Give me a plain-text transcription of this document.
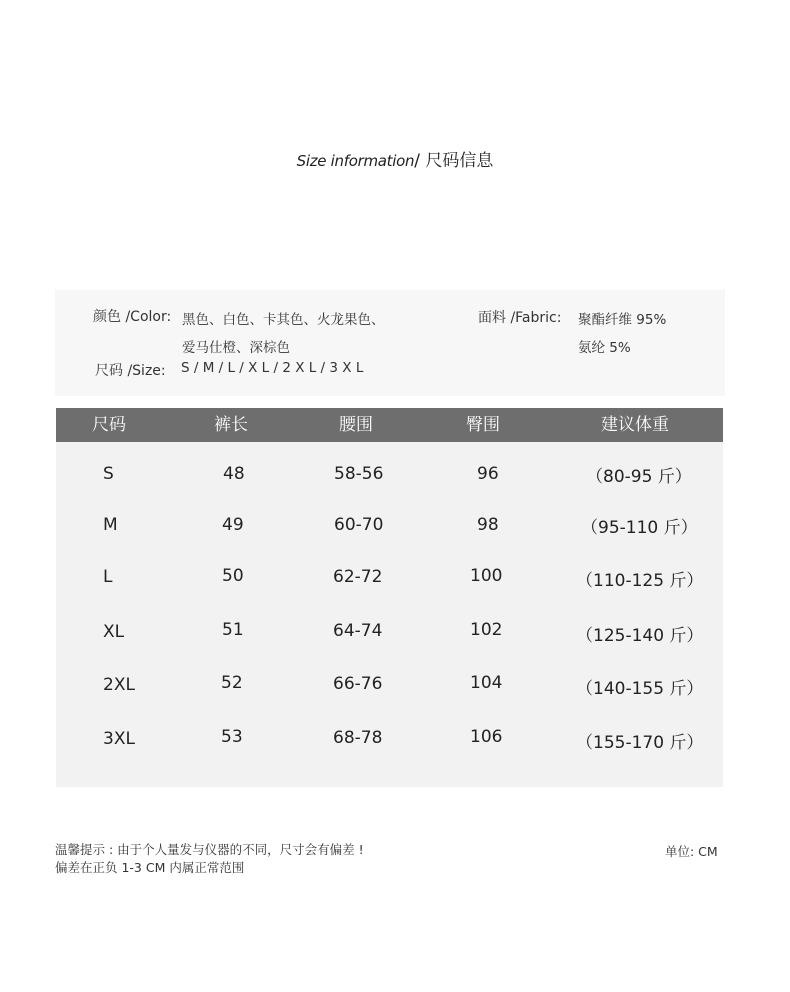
Size information/ 尺码信息
颜色 /Color: 黑色、白色、卡其色、火龙果色、
爱马仕橙、深棕色
尺码 /Size: S / M / L / X L / 2 X L / 3 X L
面料 /Fabric: 聚酯纤维 95%
氨纶 5%
尺码	裤长	腰围	臀围	建议体重
S	48	58-56	96	（80-95 斤）
M	49	60-70	98	（95-110 斤）
L	50	62-72	100	（110-125 斤）
XL	51	64-74	102	（125-140 斤）
2XL	52	66-76	104	（140-155 斤）
3XL	53	68-78	106	（155-170 斤）
温馨提示 : 由于个人量发与仪器的不同，尺寸会有偏差 !
偏差在正负 1-3 CM 内属正常范围
单位: CM
